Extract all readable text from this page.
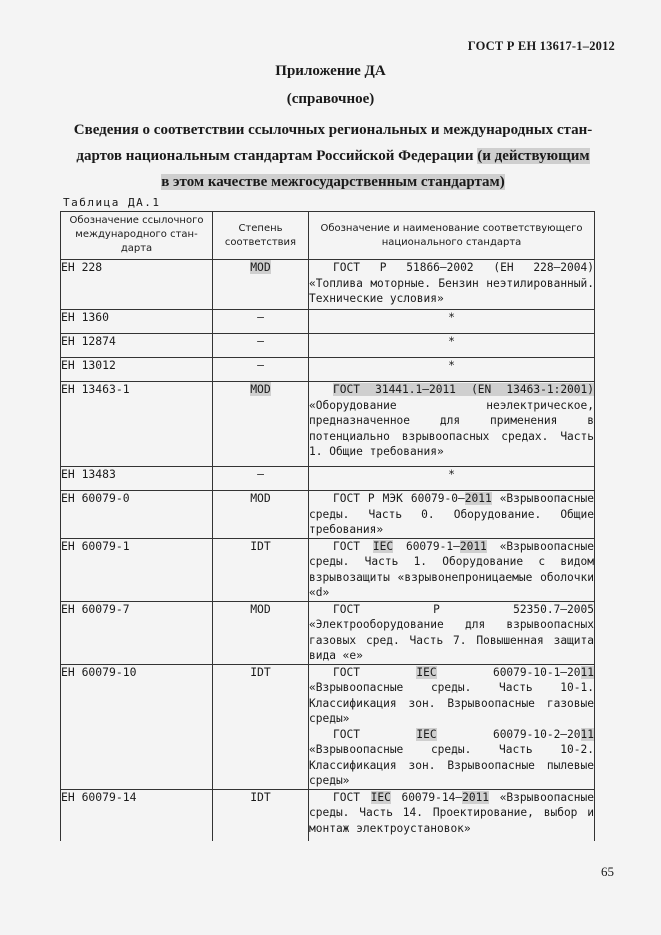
ГОСТ Р ЕН 13617-1–2012
Приложение ДА
(справочное)
Сведения о соответствии ссылочных региональных и международных стан-
дартов национальным стандартам Российской Федерации (и действующим
в этом качестве межгосударственным стандартам)
Таблица ДА.1
Обозначение ссылочного международного стан-дарта	Степень соответствия	Обозначение и наименование соответствующего национального стандарта
ЕН 228	MOD	ГОСТ Р 51866–2002 (ЕН 228–2004) «Топлива моторные. Бензин неэтилированный. Технические условия»

ЕН 1360	–	*
ЕН 12874	–	*
ЕН 13012	–	*
ЕН 13463-1	MOD	ГОСТ 31441.1–2011 (EN 13463-1:2001) «Оборудование неэлектрическое, предназначенное для применения в потенциально взрывоопасных средах. Часть 1. Общие требования»

ЕН 13483	–	*
ЕН 60079-0	MOD	ГОСТ Р МЭК 60079-0–2011 «Взрывоопасные среды. Часть 0. Оборудование. Общие требования»

ЕН 60079-1	IDT	ГОСТ IEC 60079-1–2011 «Взрывоопасные среды. Часть 1. Оборудование с видом взрывозащиты «взрывонепроницаемые оболочки «d»

ЕН 60079-7	MOD	ГОСТ Р 52350.7–2005 «Электрооборудование для взрывоопасных газовых сред. Часть 7. Повышенная защита вида «е»

ЕН 60079-10	IDT	ГОСТ IEC 60079-10-1–2011 «Взрывоопасные среды. Часть 10-1. Классификация зон. Взрывоопасные газовые среды»
ГОСТ IEC 60079-10-2–2011 «Взрывоопасные среды. Часть 10-2. Классификация зон. Взрывоопасные пылевые среды»

ЕН 60079-14	IDT	ГОСТ IEC 60079-14–2011 «Взрывоопасные среды. Часть 14. Проектирование, выбор и монтаж электроустановок»
65
